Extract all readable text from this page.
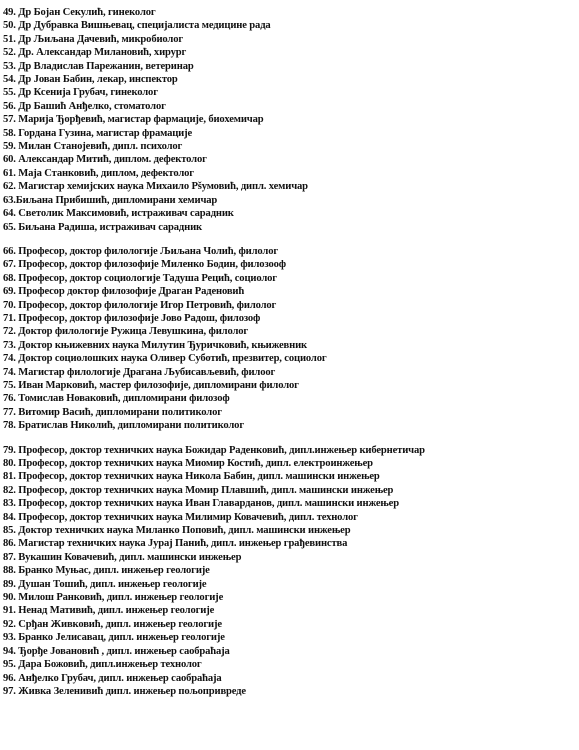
49. Др Бојан Секулић, гинеколог
50. Др Дубравка Вишњевац, специјалиста медицине рада
51. Др Љиљана Дачевић, микробиолог
52. Др. Александар Милановић, хирург
53. Др Владислав Парежанин, ветеринар
54. Др Јован Бабин, лекар, инспектор
55. Др Ксенија Грубач, гинеколог
56. Др Башић Анђелко, стоматолог
57. Марија Ђорђевић, магистар фармације, биохемичар
58. Гордана Гузина, магистар фрамације
59. Милан Станојевић, дипл. психолог
60. Александар Митић, диплом. дефектолог
61. Маја Станковић, диплом, дефектолог
62. Магистар хемијских наука Михаило Рšумовић, дипл. хемичар
63.Биљана Прибишић, дипломирани хемичар
64. Светолик Максимовић, истраживач сарадник
65. Биљана Радиша, истраживач сарадник
66. Професор, доктор филологије Љиљана Чолић, филолог
67. Професор, доктор филозофије Миленко Бодин, филозооф
68. Професор, доктор социологије Тадуша Рецић, социолог
69. Професор доктор филозофије Драган Раденовић
70. Професор, доктор филологије Игор Петровић, филолог
71. Професор, доктор филозофије Јово Радош, филозоф
72. Доктор филологије Ружица Левушкина, филолог
73. Доктор књижевних наука Милутин Ђуричковић, књижевник
74. Доктор социолошких наука Оливер Суботић, презвитер, социолог
74. Магистар филологије Драгана Љубисављевић, филоог
75. Иван Марковић, мастер филозофије, дипломирани филолог
76. Томислав Новаковић, дипломирани филозоф
77. Витомир Васић, дипломирани политиколог
78. Братислав Николић, дипломирани политиколог
79. Професор, доктор техничких наука Божидар Раденковић, дипл.инжењер кибернетичар
80. Професор, доктор техничких наука Миомир Костић, дипл. електроинжењер
81. Професор, доктор техничких наука Никола Бабин, дипл. машински инжењер
82. Професор, доктор техничких наука Момир Плавшић, дипл. машински инжењер
83. Професор, доктор техничких наука Иван Главарданов, дипл. машински инжењер
84. Професор, доктор техничких наука Милимир Ковачевић, дипл. технолог
85. Доктор техничких наука Миланко Поповић, дипл. машински инжењер
86. Магистар техничких наука Јурај Панић, дипл. инжењер грађевинства
87. Вукашин Ковачевић, дипл. машински инжењер
88. Бранко Муњас, дипл. инжењер геологије
89. Душан Тошић, дипл. инжењер геологије
90. Милош Ранковић, дипл. инжењер геологије
91. Ненад Мативић, дипл. инжењер геологије
92. Срђан Живковић, дипл. инжењер геологије
93. Бранко Јелисавац, дипл. инжењер геологије
94. Ђорђе Јовановић , дипл. инжењер саобраћаја
95. Дара Божовић, дипл.инжењер технолог
96. Анђелко Грубач, дипл. инжењер саобраћаја
97. Живка Зеленивић дипл. инжењер пољопривреде
